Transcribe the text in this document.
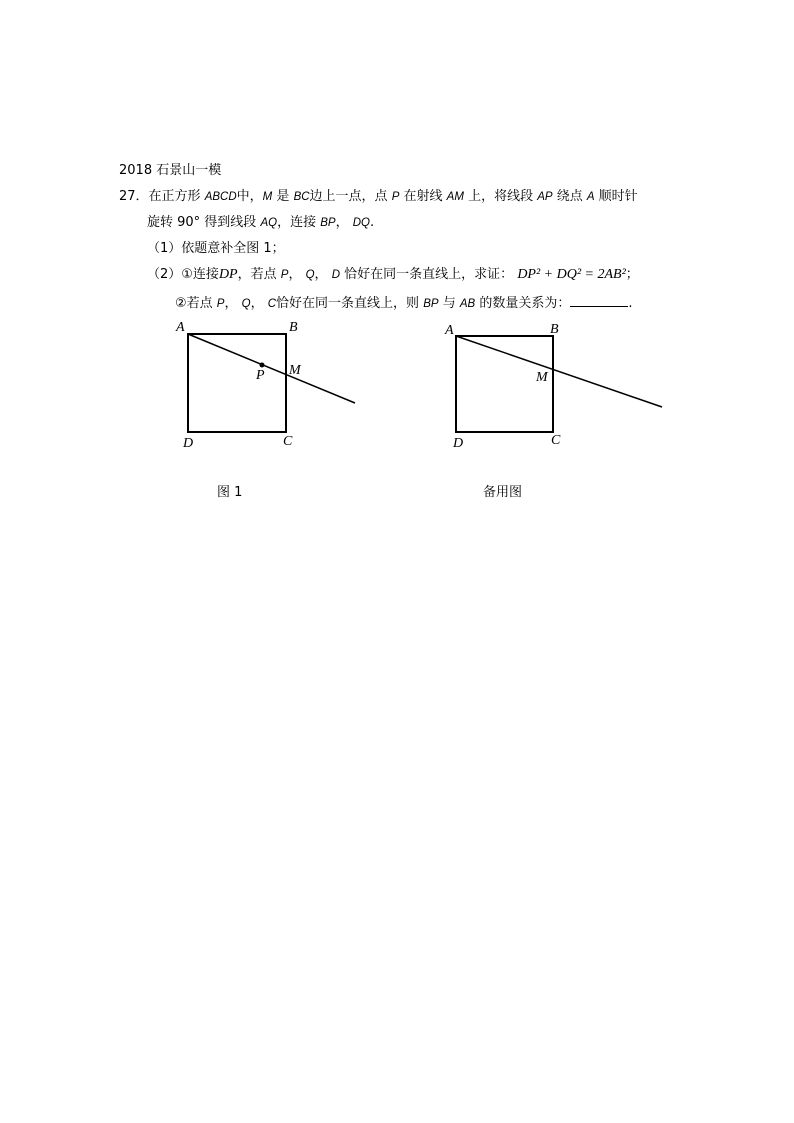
2018 石景山一模
27．在正方形 ABCD中，M 是 BC边上一点，点 P 在射线 AM 上，将线段 AP 绕点 A 顺时针
旋转 90° 得到线段 AQ，连接 BP， DQ.
（1）依题意补全图 1；
（2）①连接DP，若点 P， Q， D 恰好在同一条直线上，求证： DP² + DQ² = 2AB²；
②若点 P， Q， C恰好在同一条直线上，则 BP 与 AB 的数量关系为：	.
A	B
C
D
M
P
A	B
C
D
M
图 1	备用图
